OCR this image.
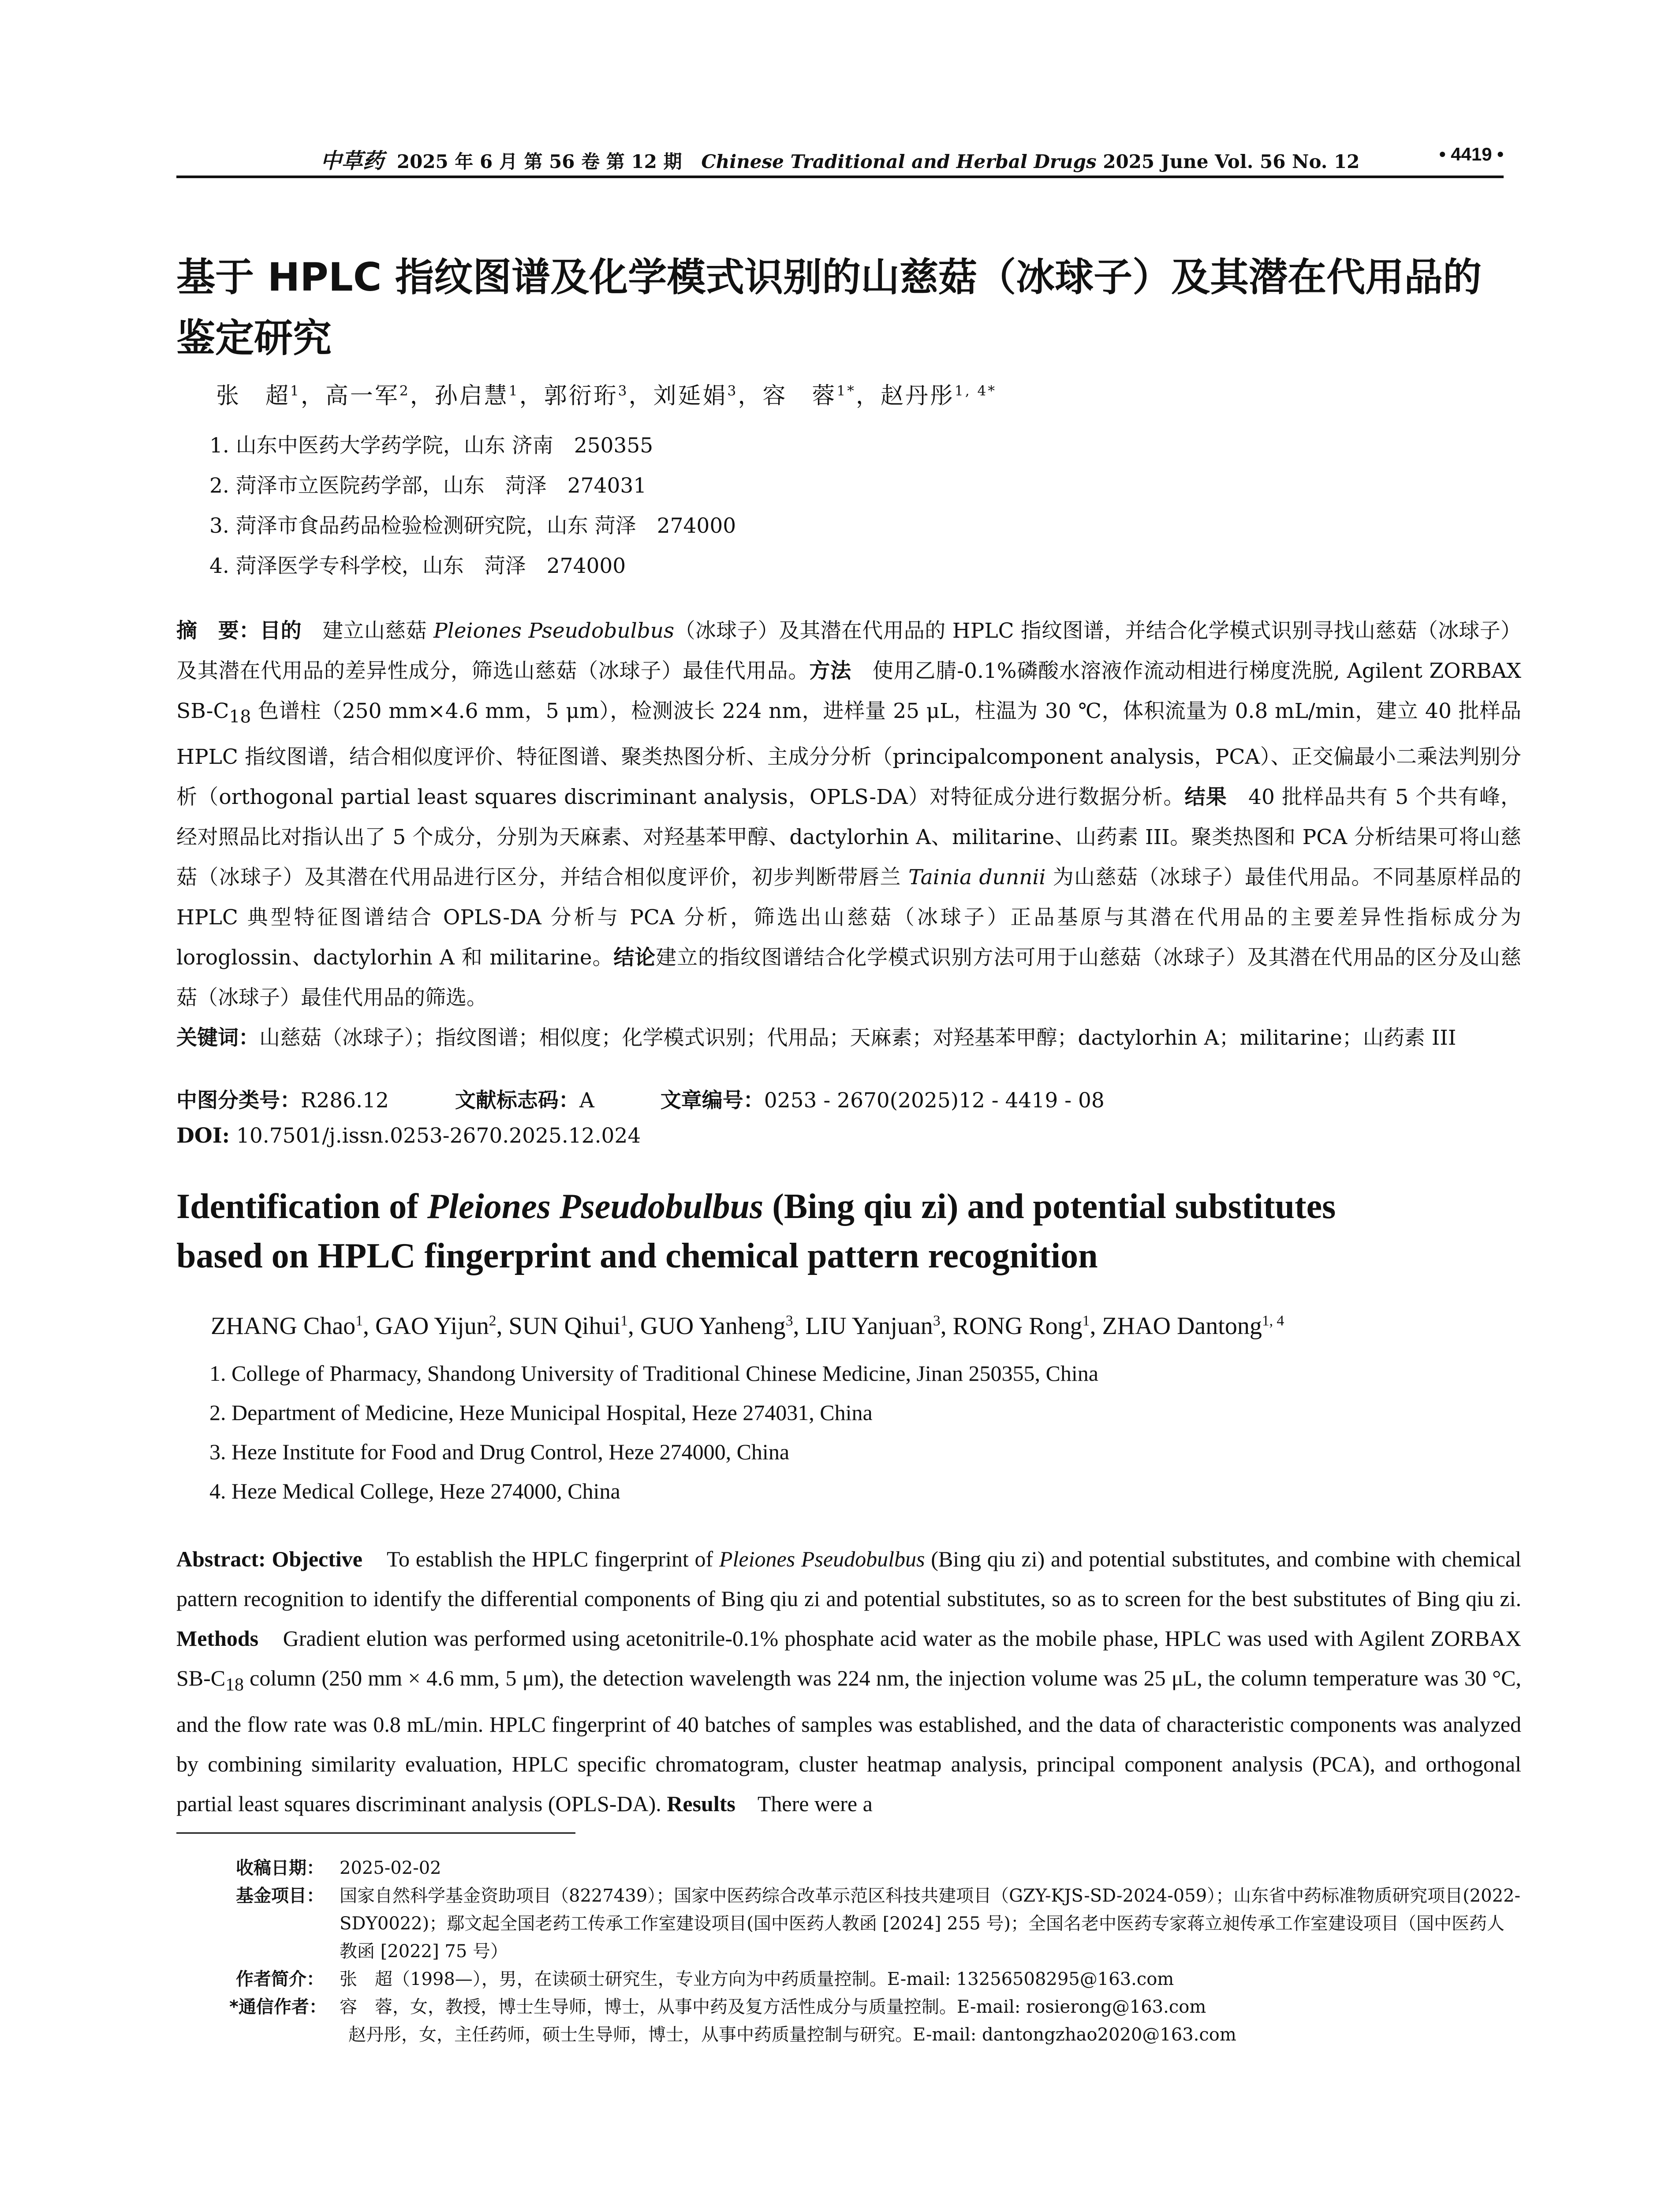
中草药 2025 年 6 月 第 56 卷 第 12 期 Chinese Traditional and Herbal Drugs 2025 June Vol. 56 No. 12	• 4419 •
基于 HPLC 指纹图谱及化学模式识别的山慈菇（冰球子）及其潜在代用品的
鉴定研究
张　超$^1$，高一军$^2$，孙启慧$^1$，郭衍珩$^3$，刘延娟$^3$，容　蓉$^{1*}$，赵丹彤$^{1, 4*}$
1. 山东中医药大学药学院，山东 济南　250355
2. 菏泽市立医院药学部，山东　菏泽　274031
3. 菏泽市食品药品检验检测研究院，山东 菏泽　274000
4. 菏泽医学专科学校，山东　菏泽　274000

摘　要：目的　 建立山慈菇 Pleiones Pseudobulbus（冰球子）及其潜在代用品的 HPLC 指纹图谱，并结合化学模式识别寻找山慈菇（冰球子）及其潜在代用品的差异性成分，筛选山慈菇（冰球子）最佳代用品。方法　 使用乙腈-0.1%磷酸水溶液作流动相进行梯度洗脱, Agilent ZORBAX $SB-C_{18}$ 色谱柱（250 mm×4.6 mm，5 μm），检测波长 224 nm，进样量 25 μL，柱温为 30 ℃，体积流量为 0.8 mL/min，建立 40 批样品 HPLC 指纹图谱，结合相似度评价、特征图谱、聚类热图分析、主成分分析（principalcomponent analysis，PCA）、正交偏最小二乘法判别分析（orthogonal partial least squares discriminant analysis，OPLS-DA）对特征成分进行数据分析。结果　 40 批样品共有 5 个共有峰，经对照品比对指认出了 5 个成分，分别为天麻素、对羟基苯甲醇、dactylorhin A、militarine、山药素 III。聚类热图和 PCA 分析结果可将山慈菇（冰球子）及其潜在代用品进行区分，并结合相似度评价，初步判断带唇兰 Tainia dunnii 为山慈菇（冰球子）最佳代用品。不同基原样品的 HPLC 典型特征图谱结合 OPLS-DA 分析与 PCA 分析，筛选出山慈菇（冰球子）正品基原与其潜在代用品的主要差异性指标成分为 loroglossin、dactylorhin A 和 militarine。结论建立的指纹图谱结合化学模式识别方法可用于山慈菇（冰球子）及其潜在代用品的区分及山慈菇（冰球子）最佳代用品的筛选。

关键词：山慈菇（冰球子）；指纹图谱；相似度；化学模式识别；代用品；天麻素；对羟基苯甲醇；dactylorhin A；militarine；山药素 III

中图分类号：R286.12	文献标志码：A	文章编号：0253 - 2670(2025)12 - 4419 - 08
DOI: 10.7501/j.issn.0253-2670.2025.12.024
Identification of Pleiones Pseudobulbus (Bing qiu zi) and potential substitutes
based on HPLC fingerprint and chemical pattern recognition
ZHANG Chao$^1$, GAO Yijun$^2$, SUN Qihui$^1$, GUO Yanheng$^3$, LIU Yanjuan$^3$, RONG Rong$^1$, ZHAO Dantong$^{1, 4}$
1. College of Pharmacy, Shandong University of Traditional Chinese Medicine, Jinan 250355, China
2. Department of Medicine, Heze Municipal Hospital, Heze 274031, China
3. Heze Institute for Food and Drug Control, Heze 274000, China
4. Heze Medical College, Heze 274000, China

Abstract: Objective To establish the HPLC fingerprint of Pleiones Pseudobulbus (Bing qiu zi) and potential substitutes, and combine with chemical pattern recognition to identify the differential components of Bing qiu zi and potential substitutes, so as to screen for the best substitutes of Bing qiu zi. Methods Gradient elution was performed using acetonitrile-0.1% phosphate acid water as the mobile phase, HPLC was used with Agilent ZORBAX $SB-C_{18}$ column (250 mm × 4.6 mm, 5 μm), the detection wavelength was 224 nm, the injection volume was 25 μL, the column temperature was 30 °C, and the flow rate was 0.8 mL/min. HPLC fingerprint of 40 batches of samples was established, and the data of characteristic components was analyzed by combining similarity evaluation, HPLC specific chromatogram, cluster heatmap analysis, principal component analysis (PCA), and orthogonal partial least squares discriminant analysis (OPLS-DA). Results There were a

收稿日期： 2025-02-02
基金项目： 国家自然科学基金资助项目（8227439）；国家中医药综合改革示范区科技共建项目（GZY-KJS-SD-2024-059）；山东省中药标准物质研究项目(2022-SDY0022)；鄢文起全国老药工传承工作室建设项目(国中医药人教函 [2024] 255 号)；全国名老中医药专家蒋立昶传承工作室建设项目（国中医药人教函 [2022] 75 号）
作者简介： 张　超（1998—），男，在读硕士研究生，专业方向为中药质量控制。E-mail: 13256508295@163.com
*通信作者： 容　蓉，女，教授，博士生导师，博士，从事中药及复方活性成分与质量控制。E-mail: rosierong@163.com
赵丹彤，女，主任药师，硕士生导师，博士，从事中药质量控制与研究。E-mail: dantongzhao2020@163.com
